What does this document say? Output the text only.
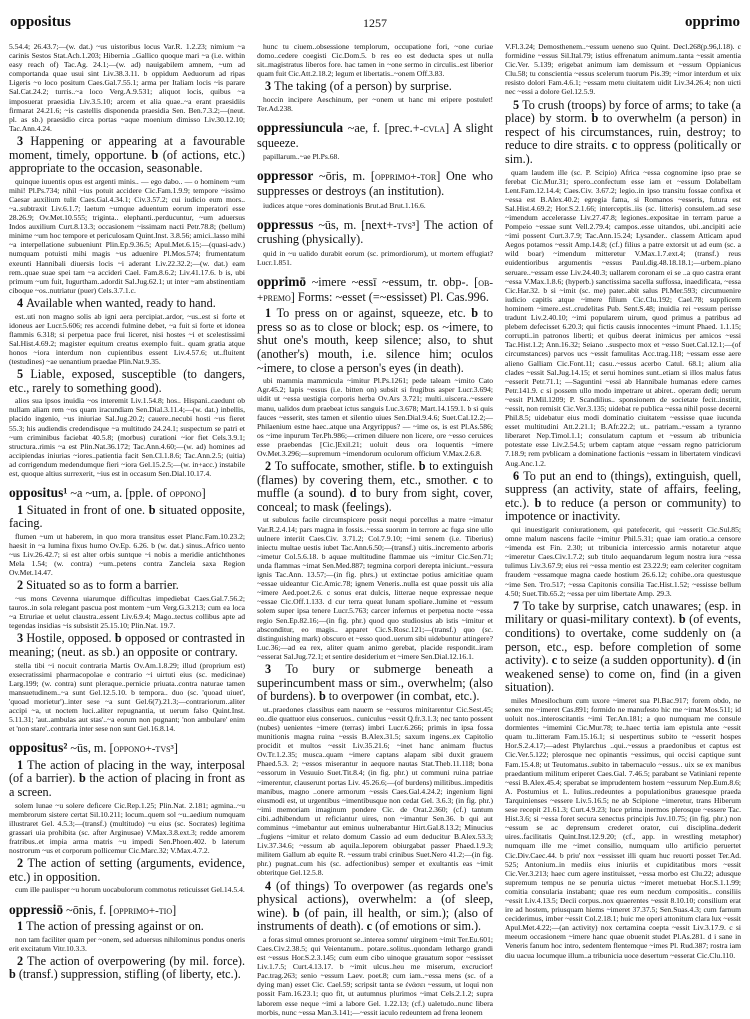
oppositus	1257	opprimo
5.54.4; 26.43.7;—(w. dat.) ~us uistoribus locus Var.R. 1.2.23; nimium ~a carinis Sestos Stat.Ach.1.203; Hibernia ..Gallico quoque mari ~a (i.e. within easy reach of) Tac.Ag. 24.1;—(w. ad) nauigabilem amnem, ~um ad comportanda quae usui sint Liv.38.3.11. b oppidum Aeduorum ad ripas Ligeris ~o loco positum Caes.Gal.7.55.1; arma per Italiam locis ~is parare Sal.Cat.24.2; turris..~a loco Verg.A.9.531; aliquot locis, quibus ~a imposuerat praesidia Liv.3.5.10; arcem et alia quae..~a erant praesidiis firmarat 24.21.6; ~is castellis disponenda praesidia Sen. Ben.7.3.2;—(neut. pl. as sb.) praesidio circa portas ~aque moenium dimisso Liv.30.12.10; Tac.Ann.4.24.
3 Happening or appearing at a favourable moment, timely, opportune. b (of actions, etc.) appropriate to the occasion, seasonable.
quinque iuuentis opus est argenti minis.. — ego dabo.. — o hominem ~um mihi! Pl.Ps.734; nihil ~ius potuit accidere Cic.Fam.1.9.9; tempore ~issimo Caesar auxilium tulit Caes.Gal.4.34.1; Civ.3.57.2; cui iudicio eum mors.. ~a..subtraxit Liv.6.1.7; laetum ~umque aduentum eorum imperatori esse 28.26.9; Ov.Met.10.555; triginta.. elephanti..perducuntur, ~um aduersus Indos auxilium Curt.8.13.3; occasionem ~issimam nacti Petr.78.8; (bellum) minime ~um hoc tempore et periculosam Quint.Inst. 3.8.56; amici..lasso mihi ~a interpellatione subueniunt Plin.Ep.9.36.5; Apul.Met.6.15;—(quasi-adv.) numquam potuisti mihi magis ~us aduenire Pl.Mos.574; frumentatum exeunti Hannibali diuersis locis ~i aderant Liv.22.32.2;—(w. dat.) eam rem..quae suae spei tam ~a accideri Cael. Fam.8.6.2; Liv.41.17.6. b is, ubi primum ~um fuit, Iugurtham..adordit Sal.Jug.62.1; ut inter ~am abstinentiam ciboque ~os..nutriatur (puer) Cels.3.7.1.c.
4 Available when wanted, ready to hand.
est..uti non magno solis ab igni aera percipiat..ardor, ~us..est si forte et idoneus aer Lucr.5.606; res accendi fulmine debet, ~a fuit si forte et idonea flammis 6.318; si perpetua pace frui liceret, nisi hostes ~i et scelestissimi Sal.Hist.4.69.2; magister equitum creatus exemplo fuit.. quam gratia atque honos ~iora interdum non cupientibus essent Liv.4.57.6; ut..fluitent (testudines) ~ae uenantium praedae Plin.Nat.9.35.
5 Liable, exposed, susceptible (to dangers, etc., rarely to something good).
alios sua ipsos inuidia ~os interemit Liv.1.54.8; hos.. Hispani..caedunt ob nullam aliam rem ~os quam iracundiam Sen.Dial.3.11.4;—(w. dat.) inbellis, placido ingenio, ~us iniuriae Sal.Jug.20.2; cauere..necubi hosti ~us fieret 55.3; his audiendis credendisque ~a multitudo 24.24.1; suspectum se patri et ~um criminibus faciebat 40.5.8; (morbus) curationi ~ior fiet Cels.3.9.1; structura..rimis ~a est Plin.Nat.36.172; Tac.Ann.4.60;—(w. ad) homines ad accipiendas iniurias ~iores..patientia facit Sen.Cl.1.8.6; Tac.Ann.2.5; (uitia) ad corrigendum medendumque fieri ~iora Gel.15.2.5;—(w. in+acc.) instabile est, quoque altius surrexerit, ~ius est in occasum Sen.Dial.10.17.4.
oppositus¹ ~a ~um, a. [pple. of oppono]
1 Situated in front of one. b situated opposite, facing.
flumen ~um ut haberem, in quo mora transitus esset Planc.Fam.10.23.2; haesit in ~a lumina fixus humo Ov.Ep. 6.26. b (w. dat.) sinus..Africo uento ~us Liv.26.42.7; si est alter orbis suntque ~i nobis a meridie antichthones Mela 1.54; (w. contra) ~um..petens contra Zancleia saxa Region Ov.Met.14.47.
2 Situated so as to form a barrier.
~us mons Cevenna uiarumque difficultas impediebat Caes.Gal.7.56.2; tauros..in sola relegant pascua post montem ~um Verg.G.3.213; cum ea loca ~a Etruriae et uelut claustra..essent Liv.6.9.4; Mago..tectus collibus apte ad tegendas insidias ~is subsistit 25.15.10; Plin.Nat. 19.7.
3 Hostile, opposed. b opposed or contrasted in meaning; (neut. as sb.) an opposite or contrary.
stella tibi ~i nocuit contraria Martis Ov.Am.1.8.29; illud (proprium est) exsecratissimi pharmacopolae e contrario ~i uirtuti eius (sc. medicinae) Larg.199; (w. contra) sunt pleraque..pernicie priuata..contra naturae tamen mansuetudinem..~a sunt Gel.12.5.10. b tempora.. duo (sc. 'quoad uiuet', 'quoad morietur')..inter sese ~a sunt Gel.6(7).21.3;—contrariorum..aliter accipi ~a, ut noctem luci..aliter repugnantia, ut uerum falso Quint.Inst. 5.11.31; 'aut..ambulas aut stas'..~a eorum non pugnant; 'non ambulare' enim et 'non stare'..contraria inter sese non sunt Gel.16.8.14.
oppositus² ~ūs, m. [oppono+-tvs³]
1 The action of placing in the way, interposal (of a barrier). b the action of placing in front as a screen.
solem lunae ~u solere deficere Cic.Rep.1.25; Plin.Nat. 2.181; agmina..~u membrorum sistere certat Sil.10.211; locum..quem sol ~u..aedium numquam illustraret Gel. 4.5.3;—(transf.) (multitudo) ~u eius (sc. Socrates) legitima grassari uia prohibita (sc. after Arginusae) V.Max.3.8.ext.3; redde amorem fratribus..et impia arma matris ~u impedi Sen.Phoen.402. b laterum nostrorum ~us et corporum pollicemur Cic.Marc.32; V.Max.4.7.2.
2 The action of setting (arguments, evidence, etc.) in opposition.
cum ille paulisper ~u horum uocabulorum commotus reticuisset Gel.14.5.4.
oppressiō ~ōnis, f. [opprimo+-tio]
1 The action of pressing against or on.
non tam faciliter quam per ~onem, sed aduersus nihilominus pondus oneris erit excitatum Vitr.10.3.3.
2 The action of overpowering (by mil. force). b (transf.) suppression, stifling (of liberty, etc.).
hunc tu ciuem..obsessione templorum, occupatione fori, ~one curiae domo..cedere coegisti Cic.Dom.5. b res eo est deducta spes ut nulla sit..magistratus liberos fore. hac tamen in ~one sermo in circulis..est liberior quam fuit Cic.Att.2.18.2; legum et libertatis..~onem Off.3.83.
3 The taking (of a person) by surprise.
hoccin incipere Aeschinum, per ~onem ut hanc mi eripere postulet! Ter.Ad.238.
oppressiuncula ~ae, f. [prec.+-cvla] A slight squeeze.
papillarum..~ae Pl.Ps.68.
oppressor ~ōris, m. [opprimo+-tor] One who suppresses or destroys (an institution).
iudices atque ~ores dominationis Brut.ad Brut.1.16.6.
oppressus ~ūs, m. [next+-tvs³] The action of crushing (physically).
quid in ~u ualido durabit eorum (sc. primordiorum), ut mortem effugiat? Lucr.1.851.
opprimō ~imere ~essī ~essum, tr. obp-. [ob-+premo] Forms: ~esset (=~essisset) Pl. Cas.996.
1 To press on or against, squeeze, etc. b to press so as to close or block; esp. os ~imere, to shut one's mouth, keep silence; also, to shut (another's) mouth, i.e. silence him; oculos ~imere, to close a person's eyes (in death).
ubi mammia mammicula ~imitur Pl.Ps.1261; pede taleam ~imito Cato Agr.45.2; lapis ~essus (i.e. bitten on) subsit si frugibus asper Lucr.3.694; uidit ut ~essa uestigia corporis herba Ov.Ars 3.721; multi..uiscera..~essere manu, ualidos dum praebeat ictus sanguis Luc.3.678; Mart.14.159.1. b si quis fauces ~esserit, stes tamen et silentio uiues Sen.Dial.9.4.6; Suet.Cal.12.2;—Philaenium estne haec..atque una Argyrippus? — ~ime os, is est Pl.As.586; os ~ime inpurum Ter.Ph.986;—crimen diluere non licere, ore ~esso ceruices esse praebendas [Cic.]Exil.21; uoluit deus ora loquentis ~imere Ov.Met.3.296;—supremum ~imendorum oculorum officium V.Max.2.6.8.
2 To suffocate, smother, stifle. b to extinguish (flames) by covering them, etc., smother. c to muffle (a sound). d to bury from sight, cover, conceal; to mask (feelings).
ut subulcus facile circumspicere possit nequi porcellus a matre ~imatur Var.R.2.4.14; pars magna in fossis..~essa suorum in terrore ac fuga sine ullo uulnere interiit Caes.Civ. 3.71.2; Col.7.9.10; ~imi senem (i.e. Tiberius) iniectu multae uestis iubet Tac.Ann.6.50;—(transf.) uitis..incremento arboris ~imetur Col.5.6.18. b aquae multitudine flammae uis ~imitur Cic.Sen.71; unda flammas ~imat Sen.Med.887; tegmina corpori derepta iniciunt..~essura ignis Tac.Ann. 13.57;—(in fig. phrs.) ut extinctae potius amicitiae quam ~essae uideantur Cic.Amic.78; ignem Veneris..nulla est quae possit uis alia ~imere Aed.poet.2.6. c sonus erat dulcis, litterae neque expressae neque ~essae Cic.Off.1.133. d cur terra queat lunam spoliare..lumine et ~essum solem super ipsa tenere Lucr.5.763; carcer infernus et perpetua nocte ~essa regio Sen.Ep.82.16;—(in fig. phr.) quod quo studiosius ab istis ~imitur et absconditur, eo magis.. apparet Cic.S.Rosc.121;—(transf.) quo (sc. distinguishing mark) obscuro et ~esso quod..uerum sibi uidebuntur attingere? Luc.36;—ad ea rex, aliter quam animo gerebat, placide respondit..iram ~esserat Sal.Jug.72.1; et sentire desiderium et ~imere Sen.Dial.12.16.1.
3 To bury or submerge beneath a superincumbent mass or sim., overwhelm; (also of burdens). b to overpower (in combat, etc.).
ut..praedones classibus eam nauem se ~essuros minitarentur Cic.Sest.45; eo..die quattuor eius conseruos.. cuniculus ~essit Q.fr.3.1.3; nec tanto possent (nubes) uenientes ~imere (terras) imbri Lucr.6.266; primis in ipsa fossa munitionis magna ruina ~essis B.Alex.31.5; saxum ingens..ex Capitolio procidit et multos ~essit Liv.35.21.6; ~inet hanc animam fluctus Ov.Tr.1.2.35; musca..quam ~imere captans alapam sibi duxit grauem Phaed.5.3. 2; ~essos miserantur in aequore nautas Stat.Theb.11.118; bona ~essorum in Vesuuio Suet.Tit.8.4; (in fig. phr.) ut communi ruina patriae ~imerentur, clauserunt portas Liv. 45.26.6;—(of burdens) militibus..impeditis manibus, magno ..onere armorum ~essis Caes.Gal.4.24.2; ingenium ligni eiusmodi est, ut urgentibus ~imentibusque non cedat Gel. 3.6.3; (in fig. phr.) ~imi memoriam imaginum pondere Cic. de Orat.2.360; (cf.) tantum cibi..adhibendum ut reficiantur uires, non ~imantur Sen.36. b qui aut comminus ~imebantur aut eminus uulnerabantur Hirt.Gal.8.13.2; Minucius ..fugiens ~imitur et relato domum Cassio ad eum deducitur B.Alex.53.3; Liv.37.34.6; ~essum ab aquila..leporem obiurgabat passer Phaed.1.9.3; militem Gallum ab equite R. ~essum trabi crinibus Suet.Nero 41.2;—(in fig. phr.) pugnat..cum his (sc. adfectionibus) semper et exultantis eas ~imit obteritque Gel.12.5.8.
4 (of things) To overpower (as regards one's physical actions), overwhelm: a (of sleep, wine). b (of pain, ill health, or sim.); (also of instruments of death). c (of emotions or sim.).
a foras simul omnes proruont se..interea somnu' uirginem ~imit Ter.Eu.601; Caes.Civ.2.38.5; qui Veientanum.. potare..solitus..quondam lethargo grandi est ~essus Hor.S.2.3.145; cum eum cibo uinoque grauatum sopor ~essisset Liv.1.7.5; Curt.4.13.17. b ~imit ulcus..heu me miserum, excrucior! Pac.trag.263; senio ~essum Laev. poet.8; cum iam..~essa mens (sc. of a dying man) esset Cic. Cael.59; scripsit tanta se ἐνάσει ~essum, ut loqui non possit Fam.16.23.1; quo fit, ut autumnus plurimos ~imat Cels.2.1.2; supra laborem esse neque ~imi a labore Gel. 1.22.13; (cf.) ualetudo..nunc libera morbis, nunc ~essa Man.3.141;—~essit iaculo redeuntem ad frena leonem
V.Fl.3.24; Demosthenem..~essum ueneno suo Quint. Decl.268(p.96,l.18). c formidine ~essus Sil.Ital.79; istius effrenatum animum..tanta ~essit amentia Cic.Ver. 5.139; erigebat animum iam demissum et ~essum Oppianicus Clu.58; tu conscientia ~essus scelerum tuorum Pis.39; ~imor interdum et uix resisto dolori Fam.4.6.1; ~essam metu ciuitatem uidit Liv.34.26.4; non uicti nec ~essi a dolore Gel.12.5.9.
5 To crush (troops) by force of arms; to take (a place) by storm. b to overwhelm (a person) in respect of his circumstances, ruin, destroy; to reduce to dire straits. c to oppress (politically or sim.).
quam laudem ille (sc. P. Scipio) Africa ~essa cognomine ipso prae se ferebat Cic.Mur.31; spero..confectum esse iam et ~essum Dolabellam Lent.Fam.12.14.4; Caes.Civ. 3.67.2; legio..in ipso transitu fossae confixa et ~essa est B.Alex.40.2; egregia fama, si Romanos ~esseris, futura est Sal.Hist.4.69.2; Hor.S.2.1.66; interceptis..iis (sc. litteris) consulem..ad sese ~imendum accelerasse Liv.27.47.8; legiones..expositae in terram parue a Pompeio ~essae sunt Vell.2.79.4; campos..esse uitandos, ubi..ancipiti acie ~imi possent Curt.3.7.9; Tac.Ann.15.24; Lysander.. classem Atticam apud Aegos potamos ~essit Amp.14.8; (cf.) filius a patre extorsit ut ad eum (sc. a wild boar) ~imendum mitteretur V.Max.1.7.ext.4; (transf.) reus euidentioribus argumentis ~essus Paul.dig.48.18.18.1;—urbem..piano seruare..~essam esse Liv.24.40.3; uallarem coronam ei se ..a quo castra erant ~essa V.Max.1.8.6; (hyperb.) sanctissima sacella suffossa, inaedificata, ~essa Cic.Har.32. b si ~imit (sc. me) pater..abit salus Pl.Mer.593; circumuenire iudicio capitis atque ~imere filium Cic.Clu.192; Cael.78; supplicem hominem ~imere..est..crudelitas Pub. Sent.S.48; inuidia rei ~essum perisse tradunt Liv.2.40.10; ~imi popularem uirum, quod primus a patribus ad plebem defecisset 6.20.3; qui fictis causis innocentes ~imunt Phaed. 1.1.15; corrupti..in patronos liberti; et quibus deerat inimicus per amicos ~essi Tac.Hist.1.2; Ann.16.32; Seiano ..suspecto mox et ~esso Suet.Cal.12.1;—(of circumstances) parvos ucs ~essit famulitas Acc.trag.118; ~essam esse aere alieno Galliam Cic.Font.11; casu..~essus acerbo Catul. 68.1; alium alia clades ~essit Sal.Jug.14.15; et serui homines sunt..etiam si illos malus fatus ~esserit Petr.71.1; —Saguntini ~essi ab Hannibale humanas edere carnes Petr.141.9. c si possem ullo modo impetrare ut abiret.. operam dedi; uerum ~essit Pl.Mil.1209; P. Scandilius.. sponsionem de societate fecit..institit, ~essit, non remisit Cic.Ver.3.135; uidebat re publica ~essa nihil posse decerni Phil.8.5; uidebatur eius modi dominatio ciuitatem ~essisse quae iucunda esset multitudini Att.2.21.1; B.Afr.22.2; ut.. patriam..~essam a tyranno liberaret Nep.Timol.1.1; consulatum captum et ~essum ab tribunicia potestate esse Liv.2.54.5; urbem captam atque ~essam regno patriciorum 7.18.9; rem pvblicam a dominatione factionis ~essam in libertatem vindicavi Aug.Anc.1.2.
6 To put an end to (things), extinguish, quell, suppress (an activity, state of affairs, feeling, etc.). b to reduce (a person or community) to impotence or inactivity.
qui inuestigarit coniurationem, qui patefecerit, qui ~esserit Cic.Sul.85; omne malum nascens facile ~imitur Phil.5.31; quae iam oratio..a censore ~imenda est Fin. 2.30; ut tribunicia intercessio armis notaretur atque ~imeretur Caes.Civ.1.7.2; sub titulo aequandarum legum nostra iura ~essa tulimus Liv.3.67.9; eius rei ~essa mentio est 23.22.9; eam celeriter cognitam fraudem ~essamque magna caede hostium 26.6.12; cohibe..ora questusque ~ime Sen. Tro.517; ~essa Capitonis consilia Tac.Hist.1.52; ~essisse bellum 4.50; Suet.Tib.65.2; ~essa per uim libertate Amp. 29.3.
7 To take by surprise, catch unawares; (esp. in military or quasi-military context). b (of events, conditions) to overtake, come suddenly on (a person, etc., esp. before completion of some activity). c to seize (a sudden opportunity). d (in weakened sense) to come on, find (in a given situation).
miles Mnesilochum cum uxore ~imeret sua Pl.Bac.917; forem obdo, ne senex me ~imeret Cas.891; formido ne manufesto hic me ~imat Mos.511; id uoluit nos..interoscitantis ~imi Ter.An.181; a quo numquam me consule dormientes ~imemini Cic.Mur.78; te..haec tertia iam epistula ante ~essit quam tu..litteram Fam.15.16.1; si uespertinus subito te ~esserit hospes Hor.S.2.4.17;—adest Phylarchus ..qui..~essus a praedonibus et captus est Cic.Ver.5.122; plerosque nec opinantis ~essimus, qui occisi captique sunt Fam.15.4.8; ut Teutomatus..subito in tabernaculo ~essus.. uix se ex manibus praedantium militum eriperet Caes.Gal. 7.46.5; parabant se Vatiniani repente ~essi B.Alex.45.4; sperabat se imprudentem hostem ~essurum Nep.Eum.8.6; A. Postumius et L. Iulius..redeuntes a populationibus grauesque praeda Tarquinienses ~essere Liv.5.16.5; ne ab Scipione ~imeretur, trans Hiberum sese recepit 21.61.3; Curt.4.9.23; luce prima inermos plerosque ~essere Tac. Hist.3.6; si ~essa foret secura senectus principis Juv.10.75; (in fig. phr.) non ~essum se ac deprensum crederet orator, cui disciplina..dederit uires..facilitatis Quint.Inst.12.9.20; (cf., app. in wrestling metaphor) numquam ille me ~imet consilio, numquam ullo artificio peruertet Cic.Div.Caec.44. b priu' nox ~essisset illi quam huc reuorti posset Ter.Ad. 525; Antonium..in mediis eius iniuriis et cupiditatibus mors ~essit Cic.Ver.3.213; haec cum agere instituisset, ~essa morbo est Clu.22; adusque supremum tempus ne se penuria uictus ~imeret metuebat Hor.S.1.1.99; comitia consularia instabant; quae res eum necdum compositis.. consiliis ~essit Liv.4.13.5; Decii corpus..nox quaerentes ~essit 8.10.10; consilium erat ire ad hostem, priusquam hiems ~imeret 37.37.5; Sen.Suas.4.3; cum farnum ceciderimus, imber ~essit Col.2.18.1; huic me operi attonitum clara lux ~essit Apul.Met.4.22;—(an activity) nox certamina coepta ~essit Liv.3.17.9. c si meeum occasionem ~imere hanc quae obuenit studet Pl.As.281. d i sane in Veneris fanum hoc intro, sedentem flentemque ~imes Pl. Rud.387; rostra iam diu uacua locumque illum..a tribunicia uoce desertum ~esserat Cic.Clu.110.
